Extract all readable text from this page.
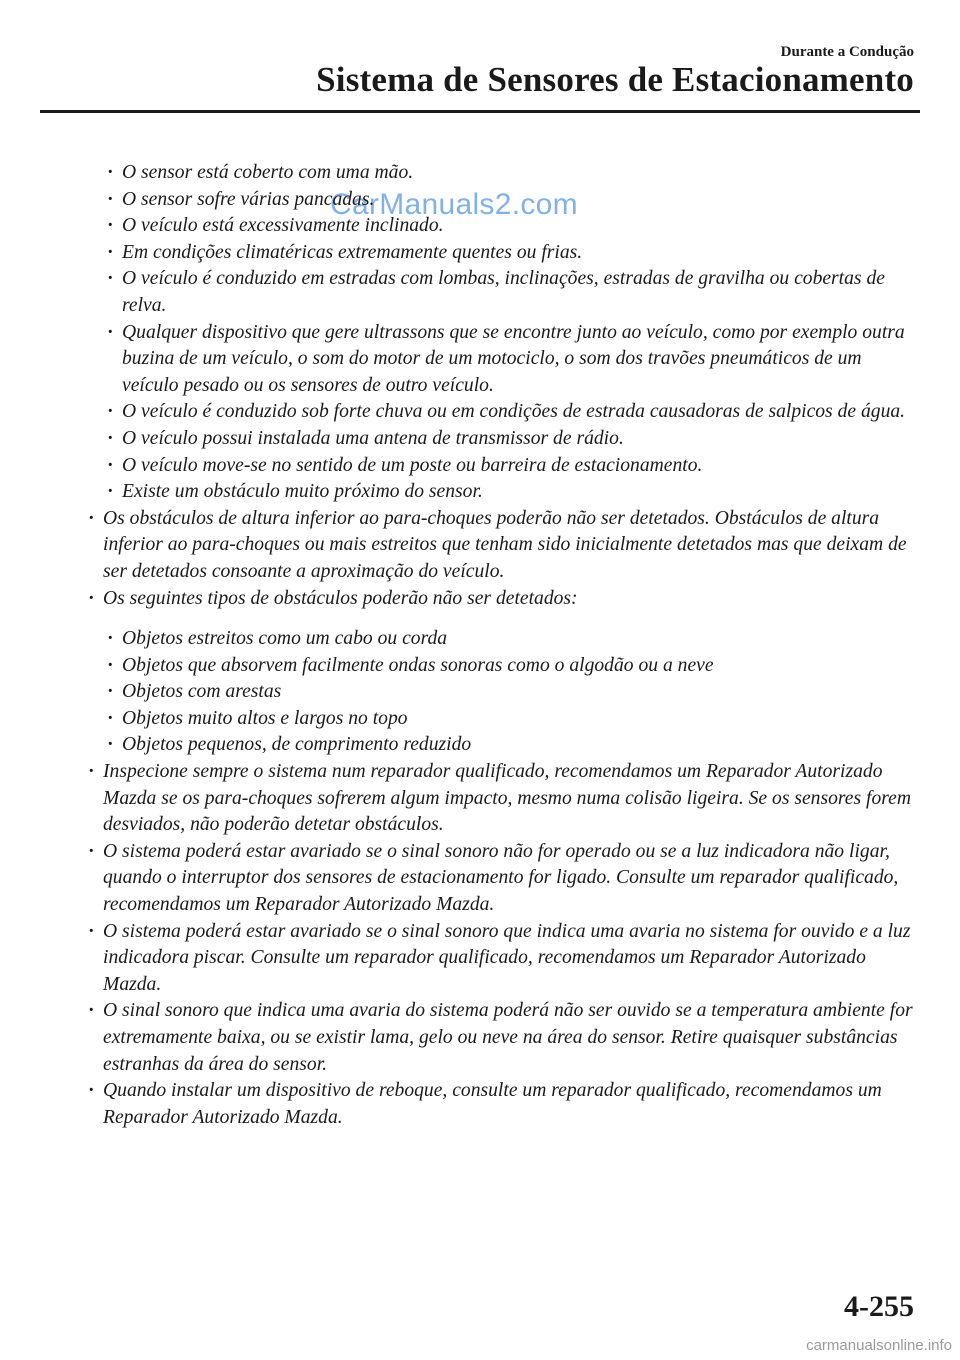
Durante a Condução
Sistema de Sensores de Estacionamento
CarManuals2.com
· O sensor está coberto com uma mão.
· O sensor sofre várias pancadas.
· O veículo está excessivamente inclinado.
· Em condições climatéricas extremamente quentes ou frias.
· O veículo é conduzido em estradas com lombas, inclinações, estradas de gravilha ou cobertas de relva.
· Qualquer dispositivo que gere ultrassons que se encontre junto ao veículo, como por exemplo outra buzina de um veículo, o som do motor de um motociclo, o som dos travões pneumáticos de um veículo pesado ou os sensores de outro veículo.
· O veículo é conduzido sob forte chuva ou em condições de estrada causadoras de salpicos de água.
· O veículo possui instalada uma antena de transmissor de rádio.
· O veículo move-se no sentido de um poste ou barreira de estacionamento.
· Existe um obstáculo muito próximo do sensor.
· Os obstáculos de altura inferior ao para-choques poderão não ser detetados. Obstáculos de altura inferior ao para-choques ou mais estreitos que tenham sido inicialmente detetados mas que deixam de ser detetados consoante a aproximação do veículo.
· Os seguintes tipos de obstáculos poderão não ser detetados:
· Objetos estreitos como um cabo ou corda
· Objetos que absorvem facilmente ondas sonoras como o algodão ou a neve
· Objetos com arestas
· Objetos muito altos e largos no topo
· Objetos pequenos, de comprimento reduzido
· Inspecione sempre o sistema num reparador qualificado, recomendamos um Reparador Autorizado Mazda se os para-choques sofrerem algum impacto, mesmo numa colisão ligeira. Se os sensores forem desviados, não poderão detetar obstáculos.
· O sistema poderá estar avariado se o sinal sonoro não for operado ou se a luz indicadora não ligar, quando o interruptor dos sensores de estacionamento for ligado. Consulte um reparador qualificado, recomendamos um Reparador Autorizado Mazda.
· O sistema poderá estar avariado se o sinal sonoro que indica uma avaria no sistema for ouvido e a luz indicadora piscar. Consulte um reparador qualificado, recomendamos um Reparador Autorizado Mazda.
· O sinal sonoro que indica uma avaria do sistema poderá não ser ouvido se a temperatura ambiente for extremamente baixa, ou se existir lama, gelo ou neve na área do sensor. Retire quaisquer substâncias estranhas da área do sensor.
· Quando instalar um dispositivo de reboque, consulte um reparador qualificado, recomendamos um Reparador Autorizado Mazda.
4-255
carmanualsonline.info
